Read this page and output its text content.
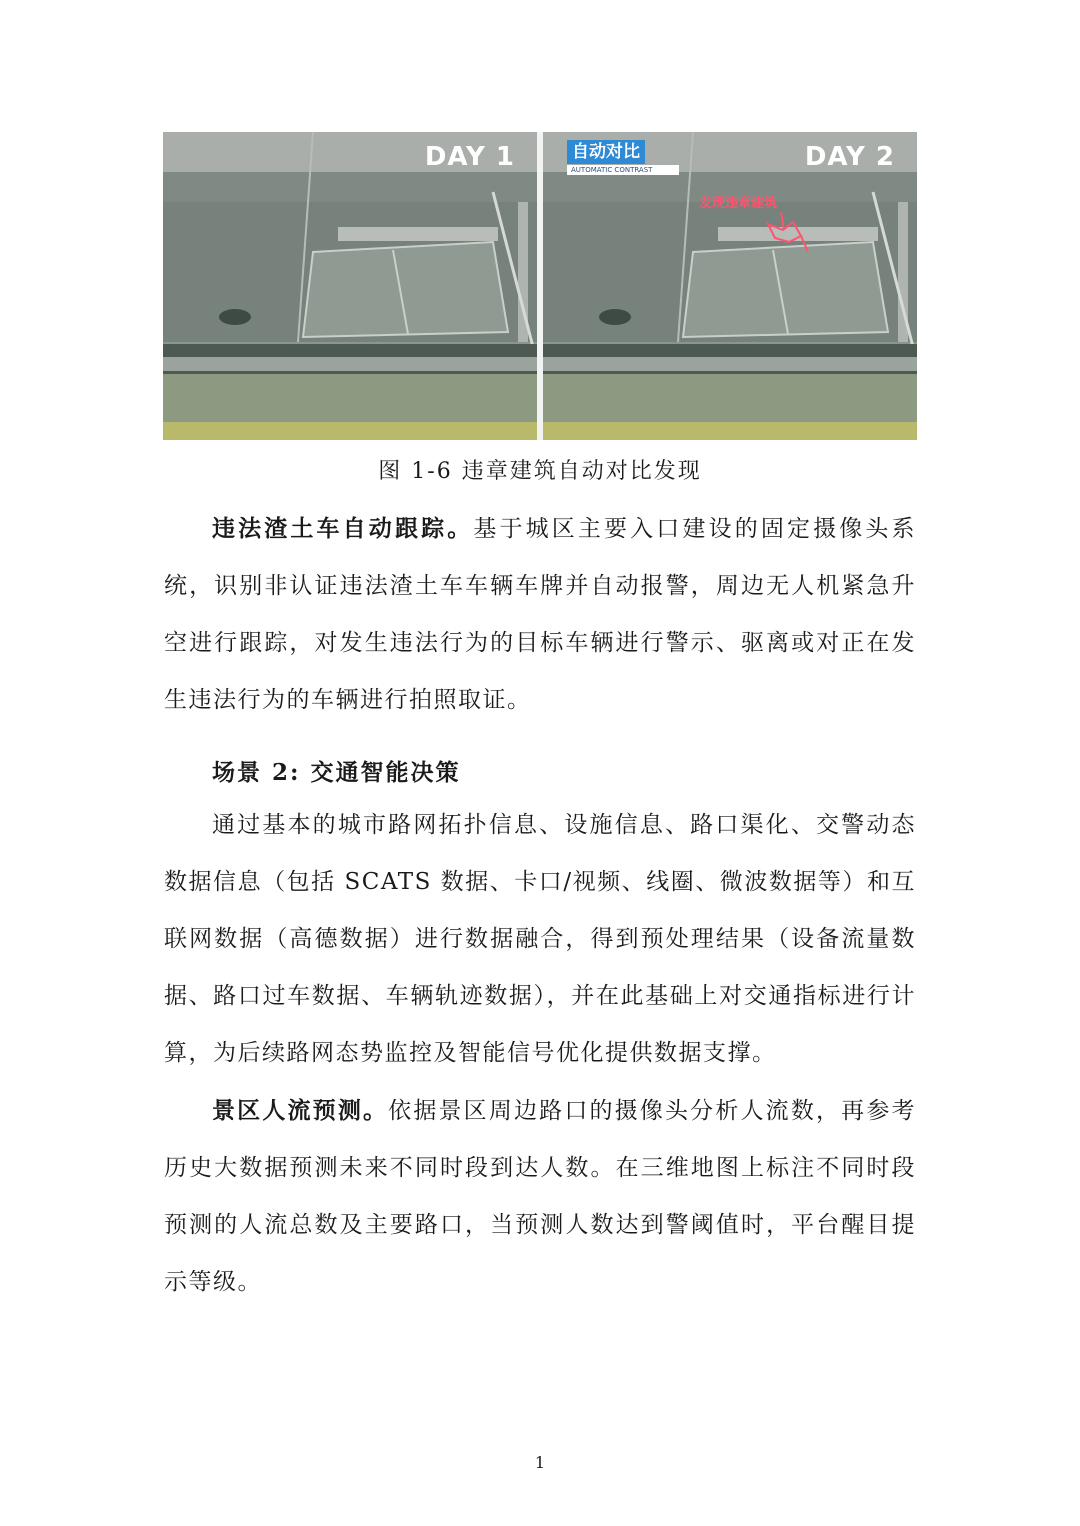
DAY 1	自动对比
AUTOMATIC CONTRAST
发现违章建筑
DAY 2
图 1-6 违章建筑自动对比发现
违法渣土车自动跟踪。基于城区主要入口建设的固定摄像头系统，识别非认证违法渣土车车辆车牌并自动报警，周边无人机紧急升空进行跟踪，对发生违法行为的目标车辆进行警示、驱离或对正在发生违法行为的车辆进行拍照取证。
场景 2: 交通智能决策
通过基本的城市路网拓扑信息、设施信息、路口渠化、交警动态数据信息（包括 SCATS 数据、卡口/视频、线圈、微波数据等）和互联网数据（高德数据）进行数据融合，得到预处理结果（设备流量数据、路口过车数据、车辆轨迹数据），并在此基础上对交通指标进行计算，为后续路网态势监控及智能信号优化提供数据支撑。
景区人流预测。依据景区周边路口的摄像头分析人流数，再参考历史大数据预测未来不同时段到达人数。在三维地图上标注不同时段预测的人流总数及主要路口，当预测人数达到警阈值时，平台醒目提示等级。
1
